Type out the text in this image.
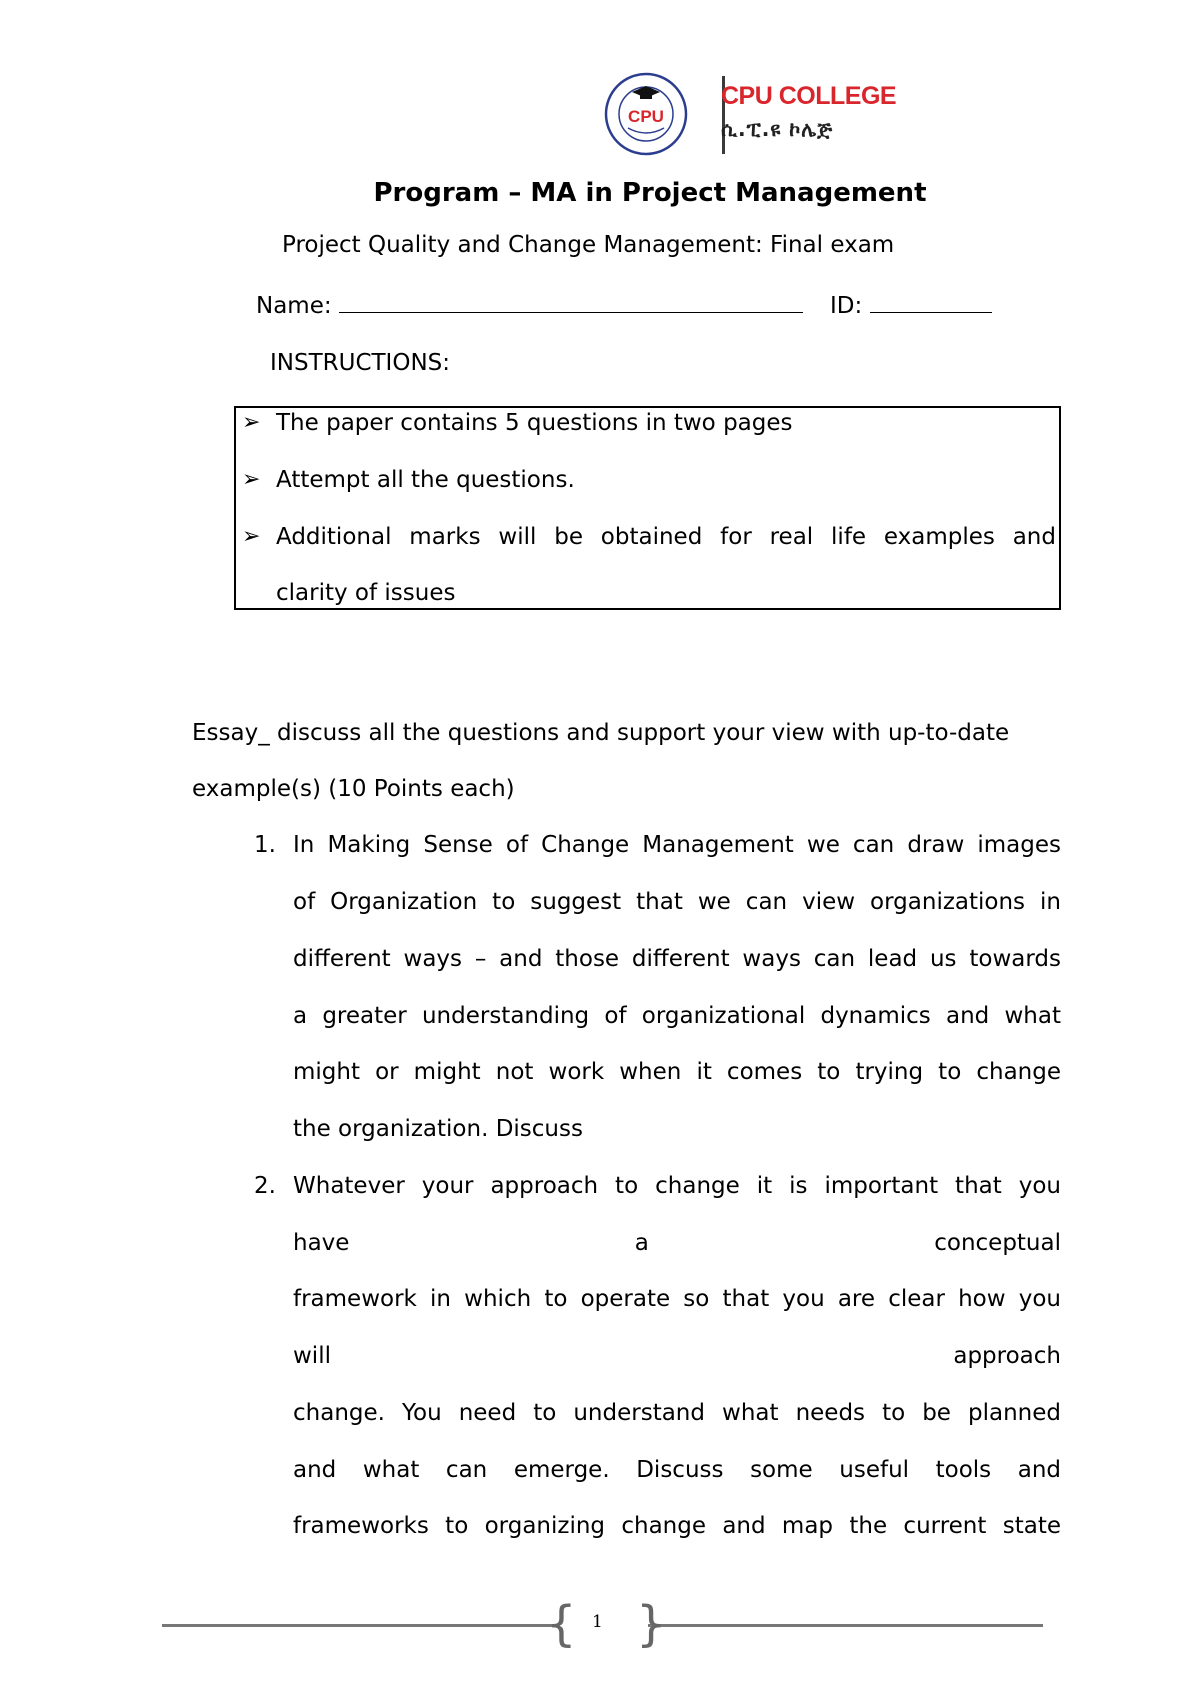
CPU
CPU COLLEGE
ሲ.ፒ.ዩ ኮሌጅ
Program – MA in Project Management
Project Quality and Change Management: Final exam
Name:	ID:
INSTRUCTIONS:
➢ The paper contains 5 questions in two pages
➢ Attempt all the questions.
➢ Additional marks will be obtained for real life examples and
clarity of issues
Essay_ discuss all the questions and support your view with up-to-date
example(s) (10 Points each)
1. In Making Sense of Change Management we can draw images
of Organization to suggest that we can view organizations in
different ways – and those different ways can lead us towards
a greater understanding of organizational dynamics and what
might or might not work when it comes to trying to change
the organization. Discuss
2. Whatever your approach to change it is important that you
have a conceptual
framework in which to operate so that you are clear how you
will approach
change. You need to understand what needs to be planned
and what can emerge. Discuss some useful tools and
frameworks to organizing change and map the current state
{ }
1
